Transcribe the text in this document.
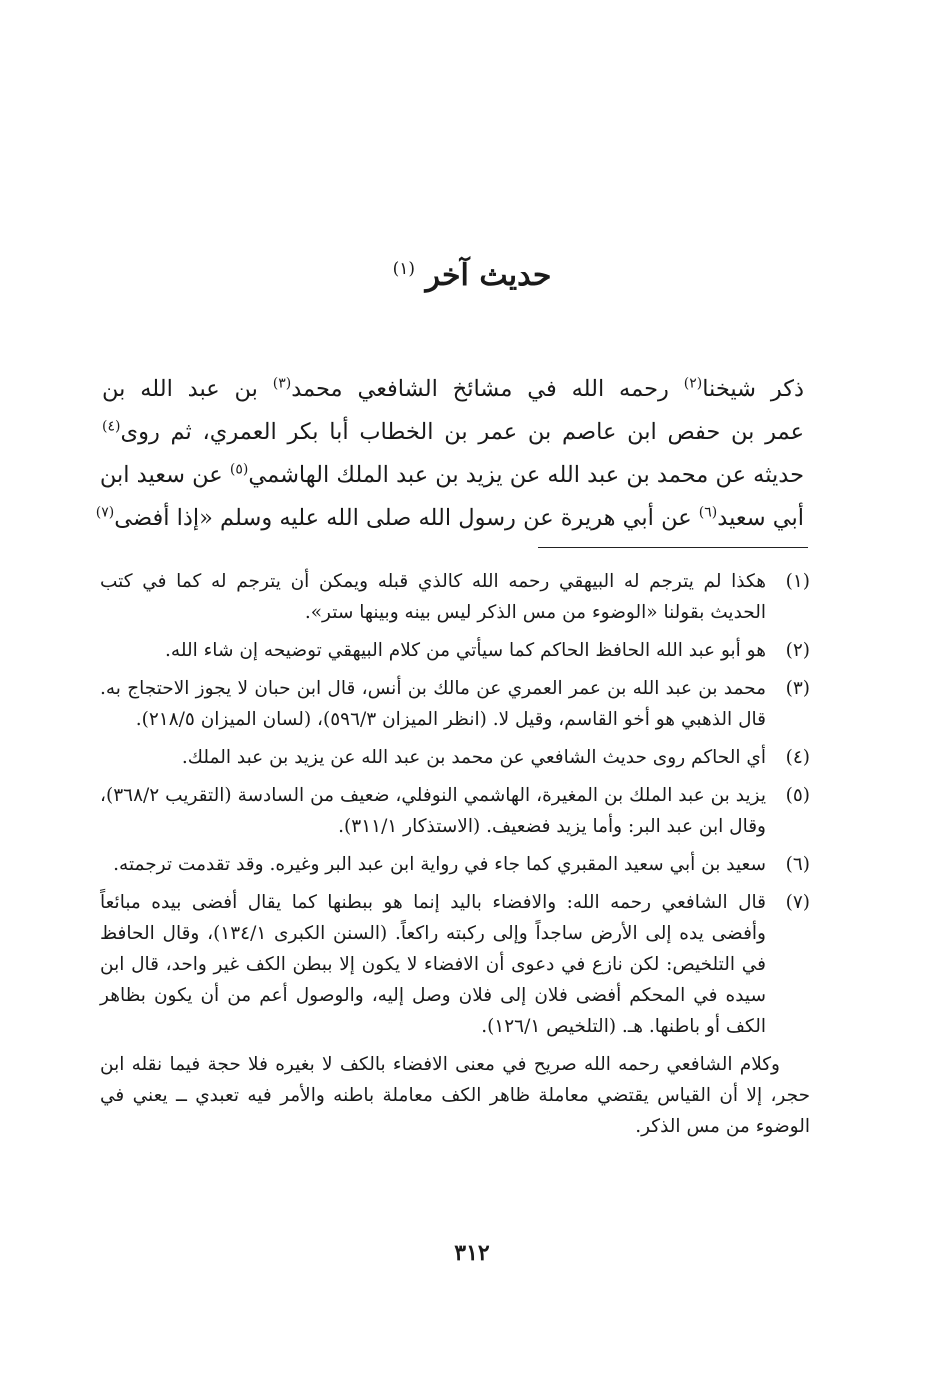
حديث آخر $^{(١)}$
ذكر شيخنا$^{(٢)}$ رحمه الله في مشائخ الشافعي محمد$^{(٣)}$ بن عبد الله بن
عمر بن حفص ابن عاصم بن عمر بن الخطاب أبا بكر العمري، ثم روى$^{(٤)}$
حديثه عن محمد بن عبد الله عن يزيد بن عبد الملك الهاشمي$^{(٥)}$ عن سعيد ابن
أبي سعيد$^{(٦)}$ عن أبي هريرة عن رسول الله صلى الله عليه وسلم «إذا أفضى$^{(٧)}$
(١)
هكذا لم يترجم له البيهقي رحمه الله كالذي قبله ويمكن أن يترجم له كما في كتب الحديث بقولنا «الوضوء من مس الذكر ليس بينه وبينها ستر».
(٢)
هو أبو عبد الله الحافظ الحاكم كما سيأتي من كلام البيهقي توضيحه إن شاء الله.
(٣)
محمد بن عبد الله بن عمر العمري عن مالك بن أنس، قال ابن حبان لا يجوز الاحتجاج به. قال الذهبي هو أخو القاسم، وقيل لا. (انظر الميزان ٥٩٦/٣)، (لسان الميزان ٢١٨/٥).
(٤)
أي الحاكم روى حديث الشافعي عن محمد بن عبد الله عن يزيد بن عبد الملك.
(٥)
يزيد بن عبد الملك بن المغيرة، الهاشمي النوفلي، ضعيف من السادسة (التقريب ٣٦٨/٢)، وقال ابن عبد البر: وأما يزيد فضعيف. (الاستذكار ٣١١/١).
(٦)
سعيد بن أبي سعيد المقبري كما جاء في رواية ابن عبد البر وغيره. وقد تقدمت ترجمته.
(٧)
قال الشافعي رحمه الله: والافضاء باليد إنما هو ببطنها كما يقال أفضى بيده مبائعاً وأفضى يده إلى الأرض ساجداً وإلى ركبته راكعاً. (السنن الكبرى ١٣٤/١)، وقال الحافظ في التلخيص: لكن نازع في دعوى أن الافضاء لا يكون إلا ببطن الكف غير واحد، قال ابن سيده في المحكم أفضى فلان إلى فلان وصل إليه، والوصول أعم من أن يكون بظاهر الكف أو باطنها. هـ. (التلخيص ١٢٦/١).
وكلام الشافعي رحمه الله صريح في معنى الافضاء بالكف لا بغيره فلا حجة فيما نقله ابن حجر، إلا أن القياس يقتضي معاملة ظاهر الكف معاملة باطنه والأمر فيه تعبدي ــ يعني في الوضوء من مس الذكر.
٣١٢
